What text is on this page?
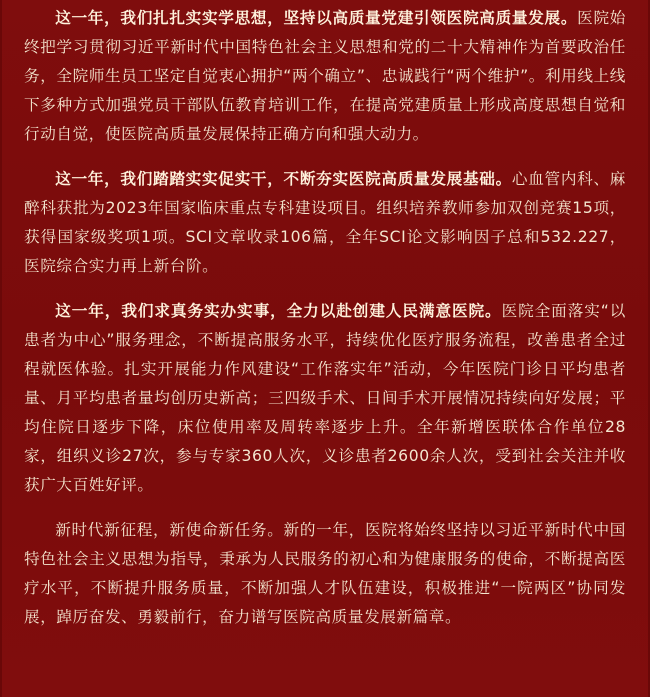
这一年，我们扎扎实实学思想，坚持以高质量党建引领医院高质量发展。医院始终把学习贯彻习近平新时代中国特色社会主义思想和党的二十大精神作为首要政治任务，全院师生员工坚定自觉衷心拥护“两个确立”、忠诚践行“两个维护”。利用线上线下多种方式加强党员干部队伍教育培训工作，在提高党建质量上形成高度思想自觉和行动自觉，使医院高质量发展保持正确方向和强大动力。

这一年，我们踏踏实实促实干，不断夯实医院高质量发展基础。心血管内科、麻醉科获批为2023年国家临床重点专科建设项目。组织培养教师参加双创竞赛15项，获得国家级奖项1项。SCI文章收录106篇，全年SCI论文影响因子总和532.227，医院综合实力再上新台阶。

这一年，我们求真务实办实事，全力以赴创建人民满意医院。医院全面落实“以患者为中心”服务理念，不断提高服务水平，持续优化医疗服务流程，改善患者全过程就医体验。扎实开展能力作风建设“工作落实年”活动，今年医院门诊日平均患者量、月平均患者量均创历史新高；三四级手术、日间手术开展情况持续向好发展；平均住院日逐步下降，床位使用率及周转率逐步上升。全年新增医联体合作单位28家，组织义诊27次，参与专家360人次，义诊患者2600余人次，受到社会关注并收获广大百姓好评。

新时代新征程，新使命新任务。新的一年，医院将始终坚持以习近平新时代中国特色社会主义思想为指导，秉承为人民服务的初心和为健康服务的使命，不断提高医疗水平，不断提升服务质量，不断加强人才队伍建设，积极推进“一院两区”协同发展，踔厉奋发、勇毅前行，奋力谱写医院高质量发展新篇章。
